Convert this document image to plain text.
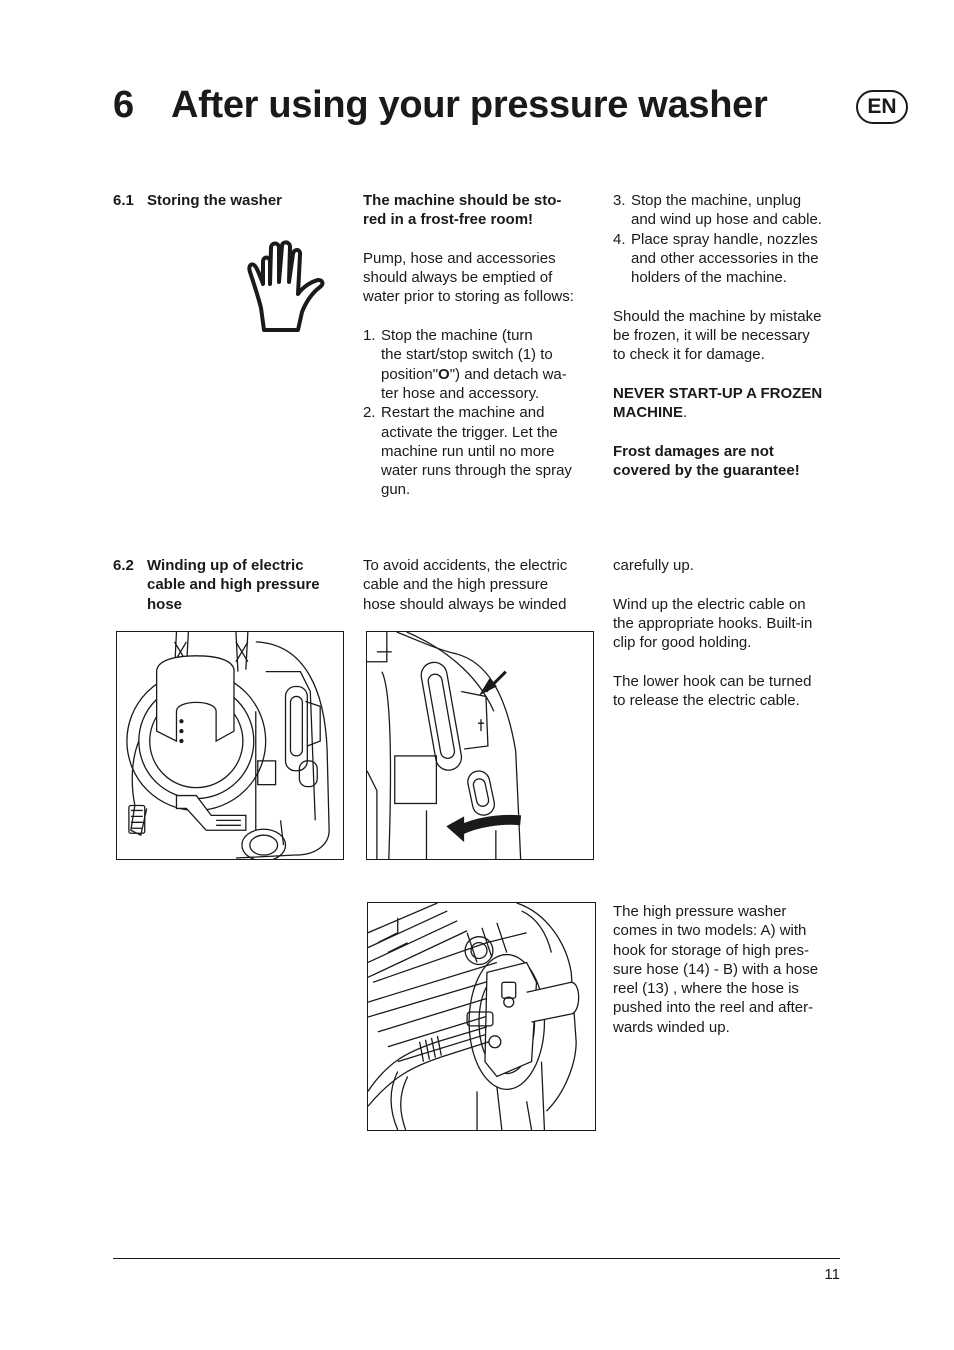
6 After using your pressure washer	EN
6.1 Storing the washer	The machine should be sto-
red in a frost-free room!
Pump, hose and accessories
should always be emptied of
water prior to storing as follows:
1. Stop the machine (turn
the start/stop switch (1) to
position"O") and detach wa-
ter hose and accessory.
2. Restart the machine and
activate the trigger. Let the
machine run until no more
water runs through the spray
gun.
3. Stop the machine, unplug
and wind up hose and cable.
4. Place spray handle, nozzles
and other accessories in the
holders of the machine.
Should the machine by mistake
be frozen, it will be necessary
to check it for damage.
NEVER START-UP A FROZEN
MACHINE.
Frost damages are not
covered by the guarantee!
6.2 Winding up of electric
cable and high pressure
hose
To avoid accidents, the electric
cable and the high pressure
hose should always be winded
carefully up.
Wind up the electric cable on
the appropriate hooks. Built-in
clip for good holding.
The lower hook can be turned
to release the electric cable.
The high pressure washer
comes in two models: A) with
hook for storage of high pres-
sure hose (14) - B) with a hose
reel (13) , where the hose is
pushed into the reel and after-
wards winded up.
11
